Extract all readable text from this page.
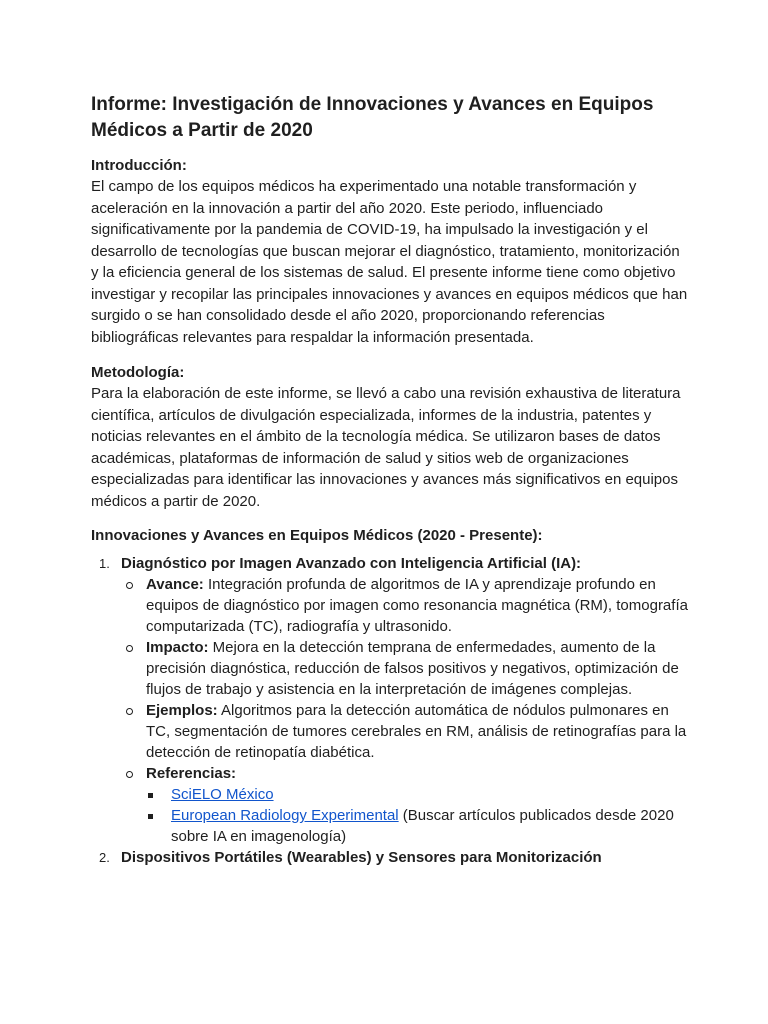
Informe: Investigación de Innovaciones y Avances en Equipos Médicos a Partir de 2020
Introducción:

El campo de los equipos médicos ha experimentado una notable transformación y aceleración en la innovación a partir del año 2020. Este periodo, influenciado significativamente por la pandemia de COVID-19, ha impulsado la investigación y el desarrollo de tecnologías que buscan mejorar el diagnóstico, tratamiento, monitorización y la eficiencia general de los sistemas de salud. El presente informe tiene como objetivo investigar y recopilar las principales innovaciones y avances en equipos médicos que han surgido o se han consolidado desde el año 2020, proporcionando referencias bibliográficas relevantes para respaldar la información presentada.

Metodología:

Para la elaboración de este informe, se llevó a cabo una revisión exhaustiva de literatura científica, artículos de divulgación especializada, informes de la industria, patentes y noticias relevantes en el ámbito de la tecnología médica. Se utilizaron bases de datos académicas, plataformas de información de salud y sitios web de organizaciones especializadas para identificar las innovaciones y avances más significativos en equipos médicos a partir de 2020.

Innovaciones y Avances en Equipos Médicos (2020 - Presente):
1. Diagnóstico por Imagen Avanzado con Inteligencia Artificial (IA):
Avance: Integración profunda de algoritmos de IA y aprendizaje profundo en equipos de diagnóstico por imagen como resonancia magnética (RM), tomografía computarizada (TC), radiografía y ultrasonido.
Impacto: Mejora en la detección temprana de enfermedades, aumento de la precisión diagnóstica, reducción de falsos positivos y negativos, optimización de flujos de trabajo y asistencia en la interpretación de imágenes complejas.
Ejemplos: Algoritmos para la detección automática de nódulos pulmonares en TC, segmentación de tumores cerebrales en RM, análisis de retinografías para la detección de retinopatía diabética.
Referencias:
SciELO México
European Radiology Experimental (Buscar artículos publicados desde 2020 sobre IA en imagenología)
2. Dispositivos Portátiles (Wearables) y Sensores para Monitorización
